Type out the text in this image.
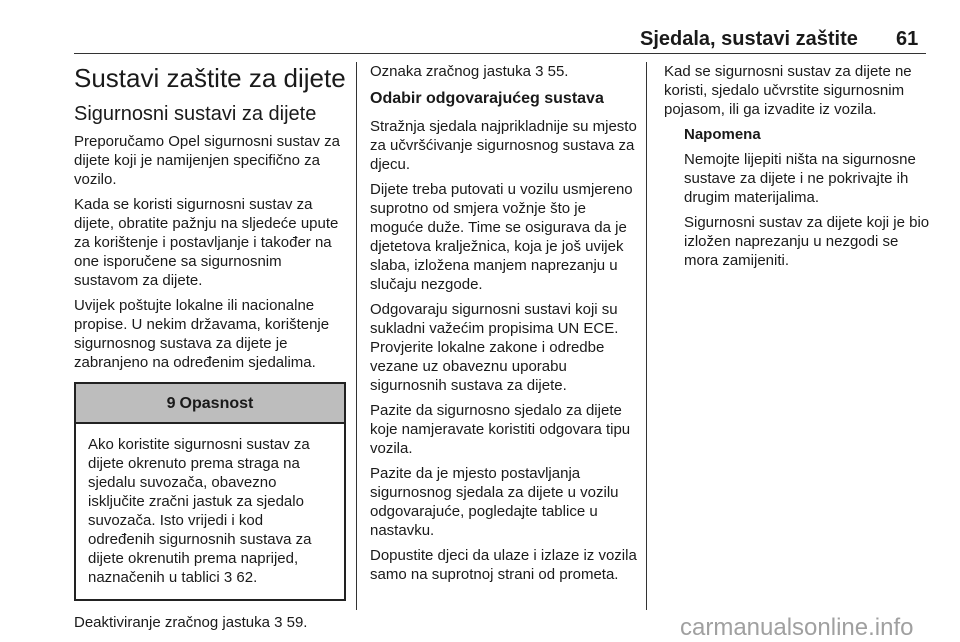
Sjedala, sustavi zaštite 61
Sustavi zaštite za dijete
Sigurnosni sustavi za dijete

Preporučamo Opel sigurnosni sustav za dijete koji je namijenjen specifično za vozilo.

Kada se koristi sigurnosni sustav za dijete, obratite pažnju na sljedeće upute za korištenje i postavljanje i također na one isporučene sa sigurnosnim sustavom za dijete.

Uvijek poštujte lokalne ili nacionalne propise. U nekim državama, korištenje sigurnosnog sustava za dijete je zabranjeno na određenim sjedalima.

9 Opasnost
Ako koristite sigurnosni sustav za dijete okrenuto prema straga na sjedalu suvozača, obavezno isključite zračni jastuk za sjedalo suvozača. Isto vrijedi i kod određenih sigurnosnih sustava za dijete okrenutih prema naprijed, naznačenih u tablici 3 62.

Deaktiviranje zračnog jastuka 3 59.

Oznaka zračnog jastuka 3 55.

Odabir odgovarajućeg sustava

Stražnja sjedala najprikladnije su mjesto za učvršćivanje sigurnosnog sustava za djecu.

Dijete treba putovati u vozilu usmjereno suprotno od smjera vožnje što je moguće duže. Time se osigurava da je djetetova kralježnica, koja je još uvijek slaba, izložena manjem naprezanju u slučaju nezgode.

Odgovaraju sigurnosni sustavi koji su sukladni važećim propisima UN ECE. Provjerite lokalne zakone i odredbe vezane uz obaveznu uporabu sigurnosnih sustava za dijete.

Pazite da sigurnosno sjedalo za dijete koje namjeravate koristiti odgovara tipu vozila.

Pazite da je mjesto postavljanja sigurnosnog sjedala za dijete u vozilu odgovarajuće, pogledajte tablice u nastavku.

Dopustite djeci da ulaze i izlaze iz vozila samo na suprotnoj strani od prometa.

Kad se sigurnosni sustav za dijete ne koristi, sjedalo učvrstite sigurnosnim pojasom, ili ga izvadite iz vozila.

Napomena

Nemojte lijepiti ništa na sigurnosne sustave za dijete i ne pokrivajte ih drugim materijalima.

Sigurnosni sustav za dijete koji je bio izložen naprezanju u nezgodi se mora zamijeniti.

carmanualsonline.info
